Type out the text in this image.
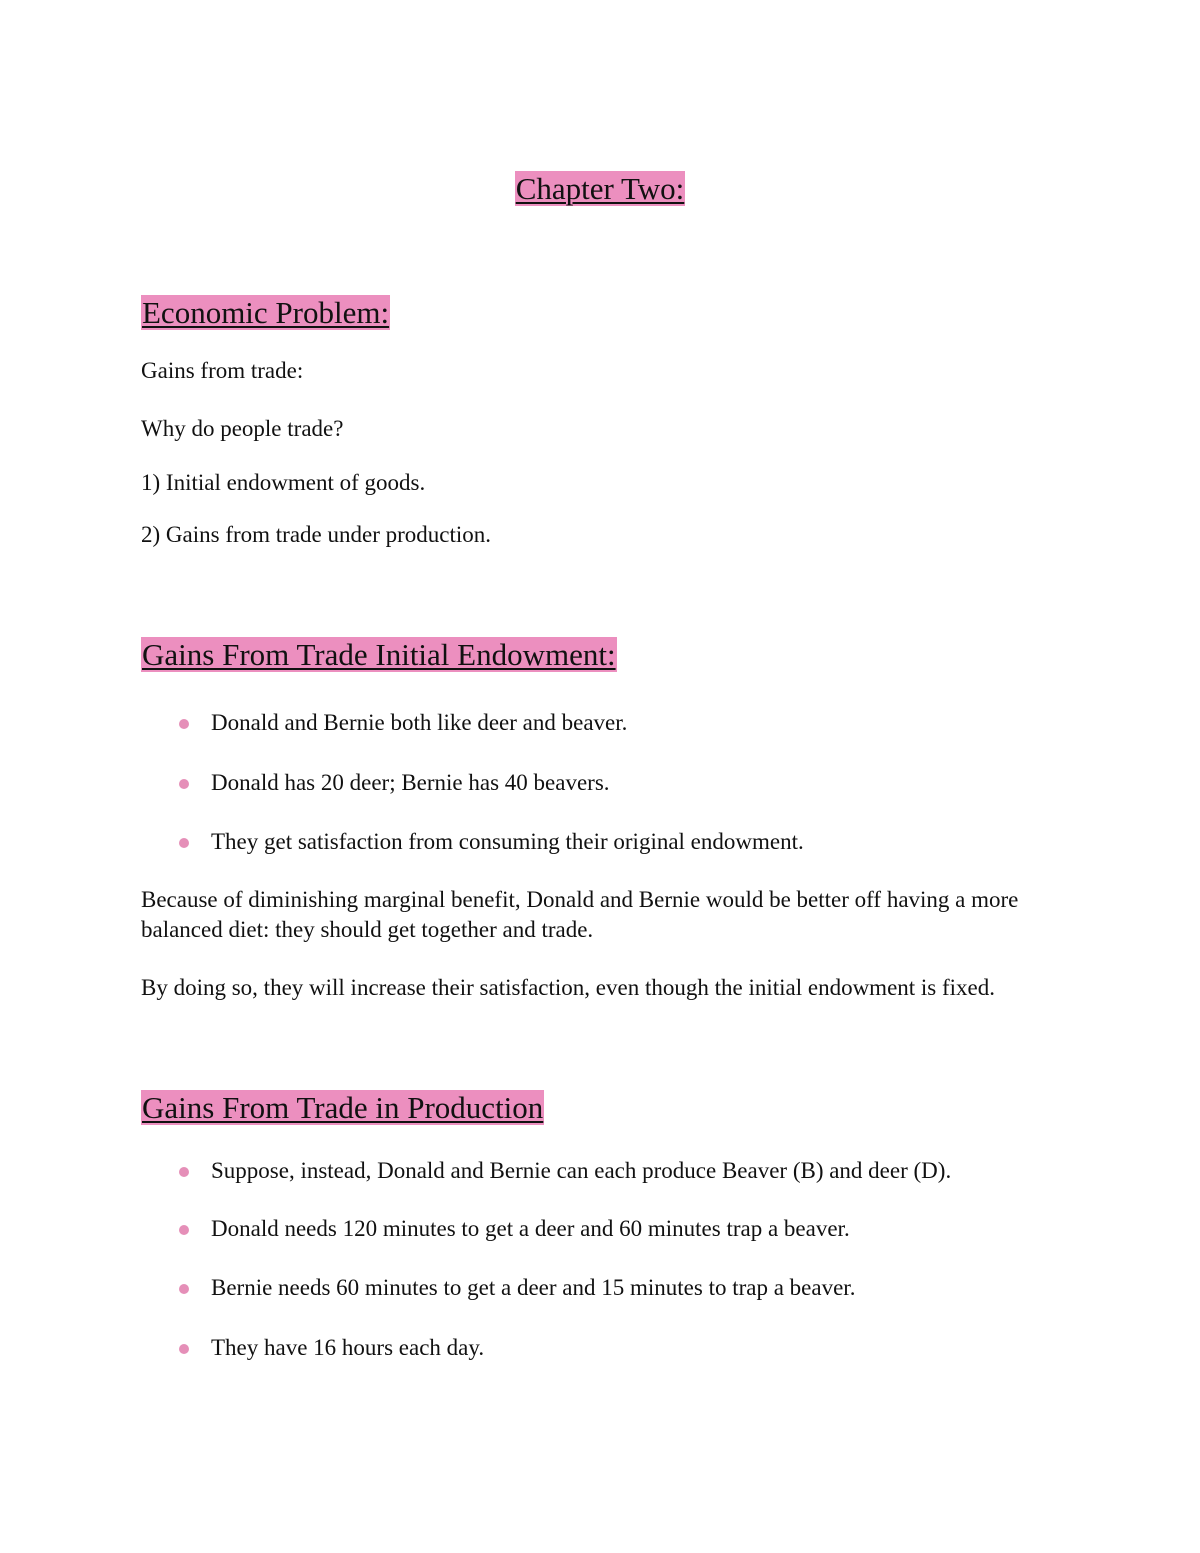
Chapter Two:
Economic Problem:
Gains from trade:
Why do people trade?
1) Initial endowment of goods.
2) Gains from trade under production.
Gains From Trade Initial Endowment:
Donald and Bernie both like deer and beaver.
Donald has 20 deer; Bernie has 40 beavers.
They get satisfaction from consuming their original endowment.
Because of diminishing marginal benefit, Donald and Bernie would be better off having a more balanced diet: they should get together and trade.
By doing so, they will increase their satisfaction, even though the initial endowment is fixed.
Gains From Trade in Production
Suppose, instead, Donald and Bernie can each produce Beaver (B) and deer (D).
Donald needs 120 minutes to get a deer and 60 minutes trap a beaver.
Bernie needs 60 minutes to get a deer and 15 minutes to trap a beaver.
They have 16 hours each day.
